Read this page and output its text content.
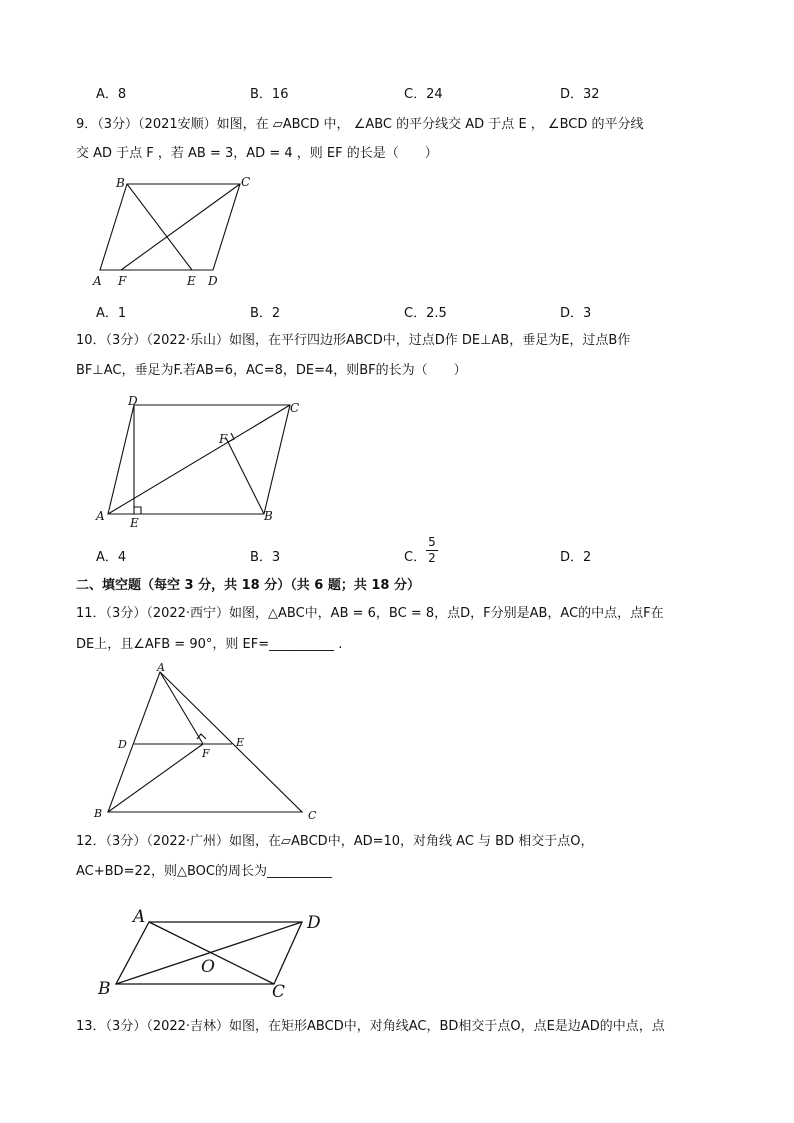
A．8	B．16	C．24	D．32
9．（3分）（2021安顺）如图，在 ▱ABCD 中， ∠ABC 的平分线交 AD 于点 E ， ∠BCD 的平分线
交 AD 于点 F ，若 AB = 3，AD = 4 ，则 EF 的长是（　　）
B	C
A F	E D
A．1	B．2	C．2.5	D．3
10．（3分）（2022·乐山）如图，在平行四边形ABCD中，过点D作 DE⊥AB，垂足为E，过点B作
BF⊥AC，垂足为F.若AB=6，AC=8，DE=4，则BF的长为（　　）
D	C
F
A E	B
A．4	B．3	C．
5
2	D．2
二、填空题（每空 3 分，共 18 分）（共 6 题；共 18 分）
11．（3分）（2022·西宁）如图，△ABC中，AB = 6，BC = 8，点D，F分别是AB，AC的中点，点F在
DE上，且∠AFB = 90°，则 EF=__________ .
A
D	E
F
B	C
12．（3分）（2022·广州）如图，在▱ABCD中，AD=10，对角线 AC 与 BD 相交于点O，
AC+BD=22，则△BOC的周长为__________
A	D
O
B	C
13．（3分）（2022·吉林）如图，在矩形ABCD中，对角线AC，BD相交于点O，点E是边AD的中点，点
